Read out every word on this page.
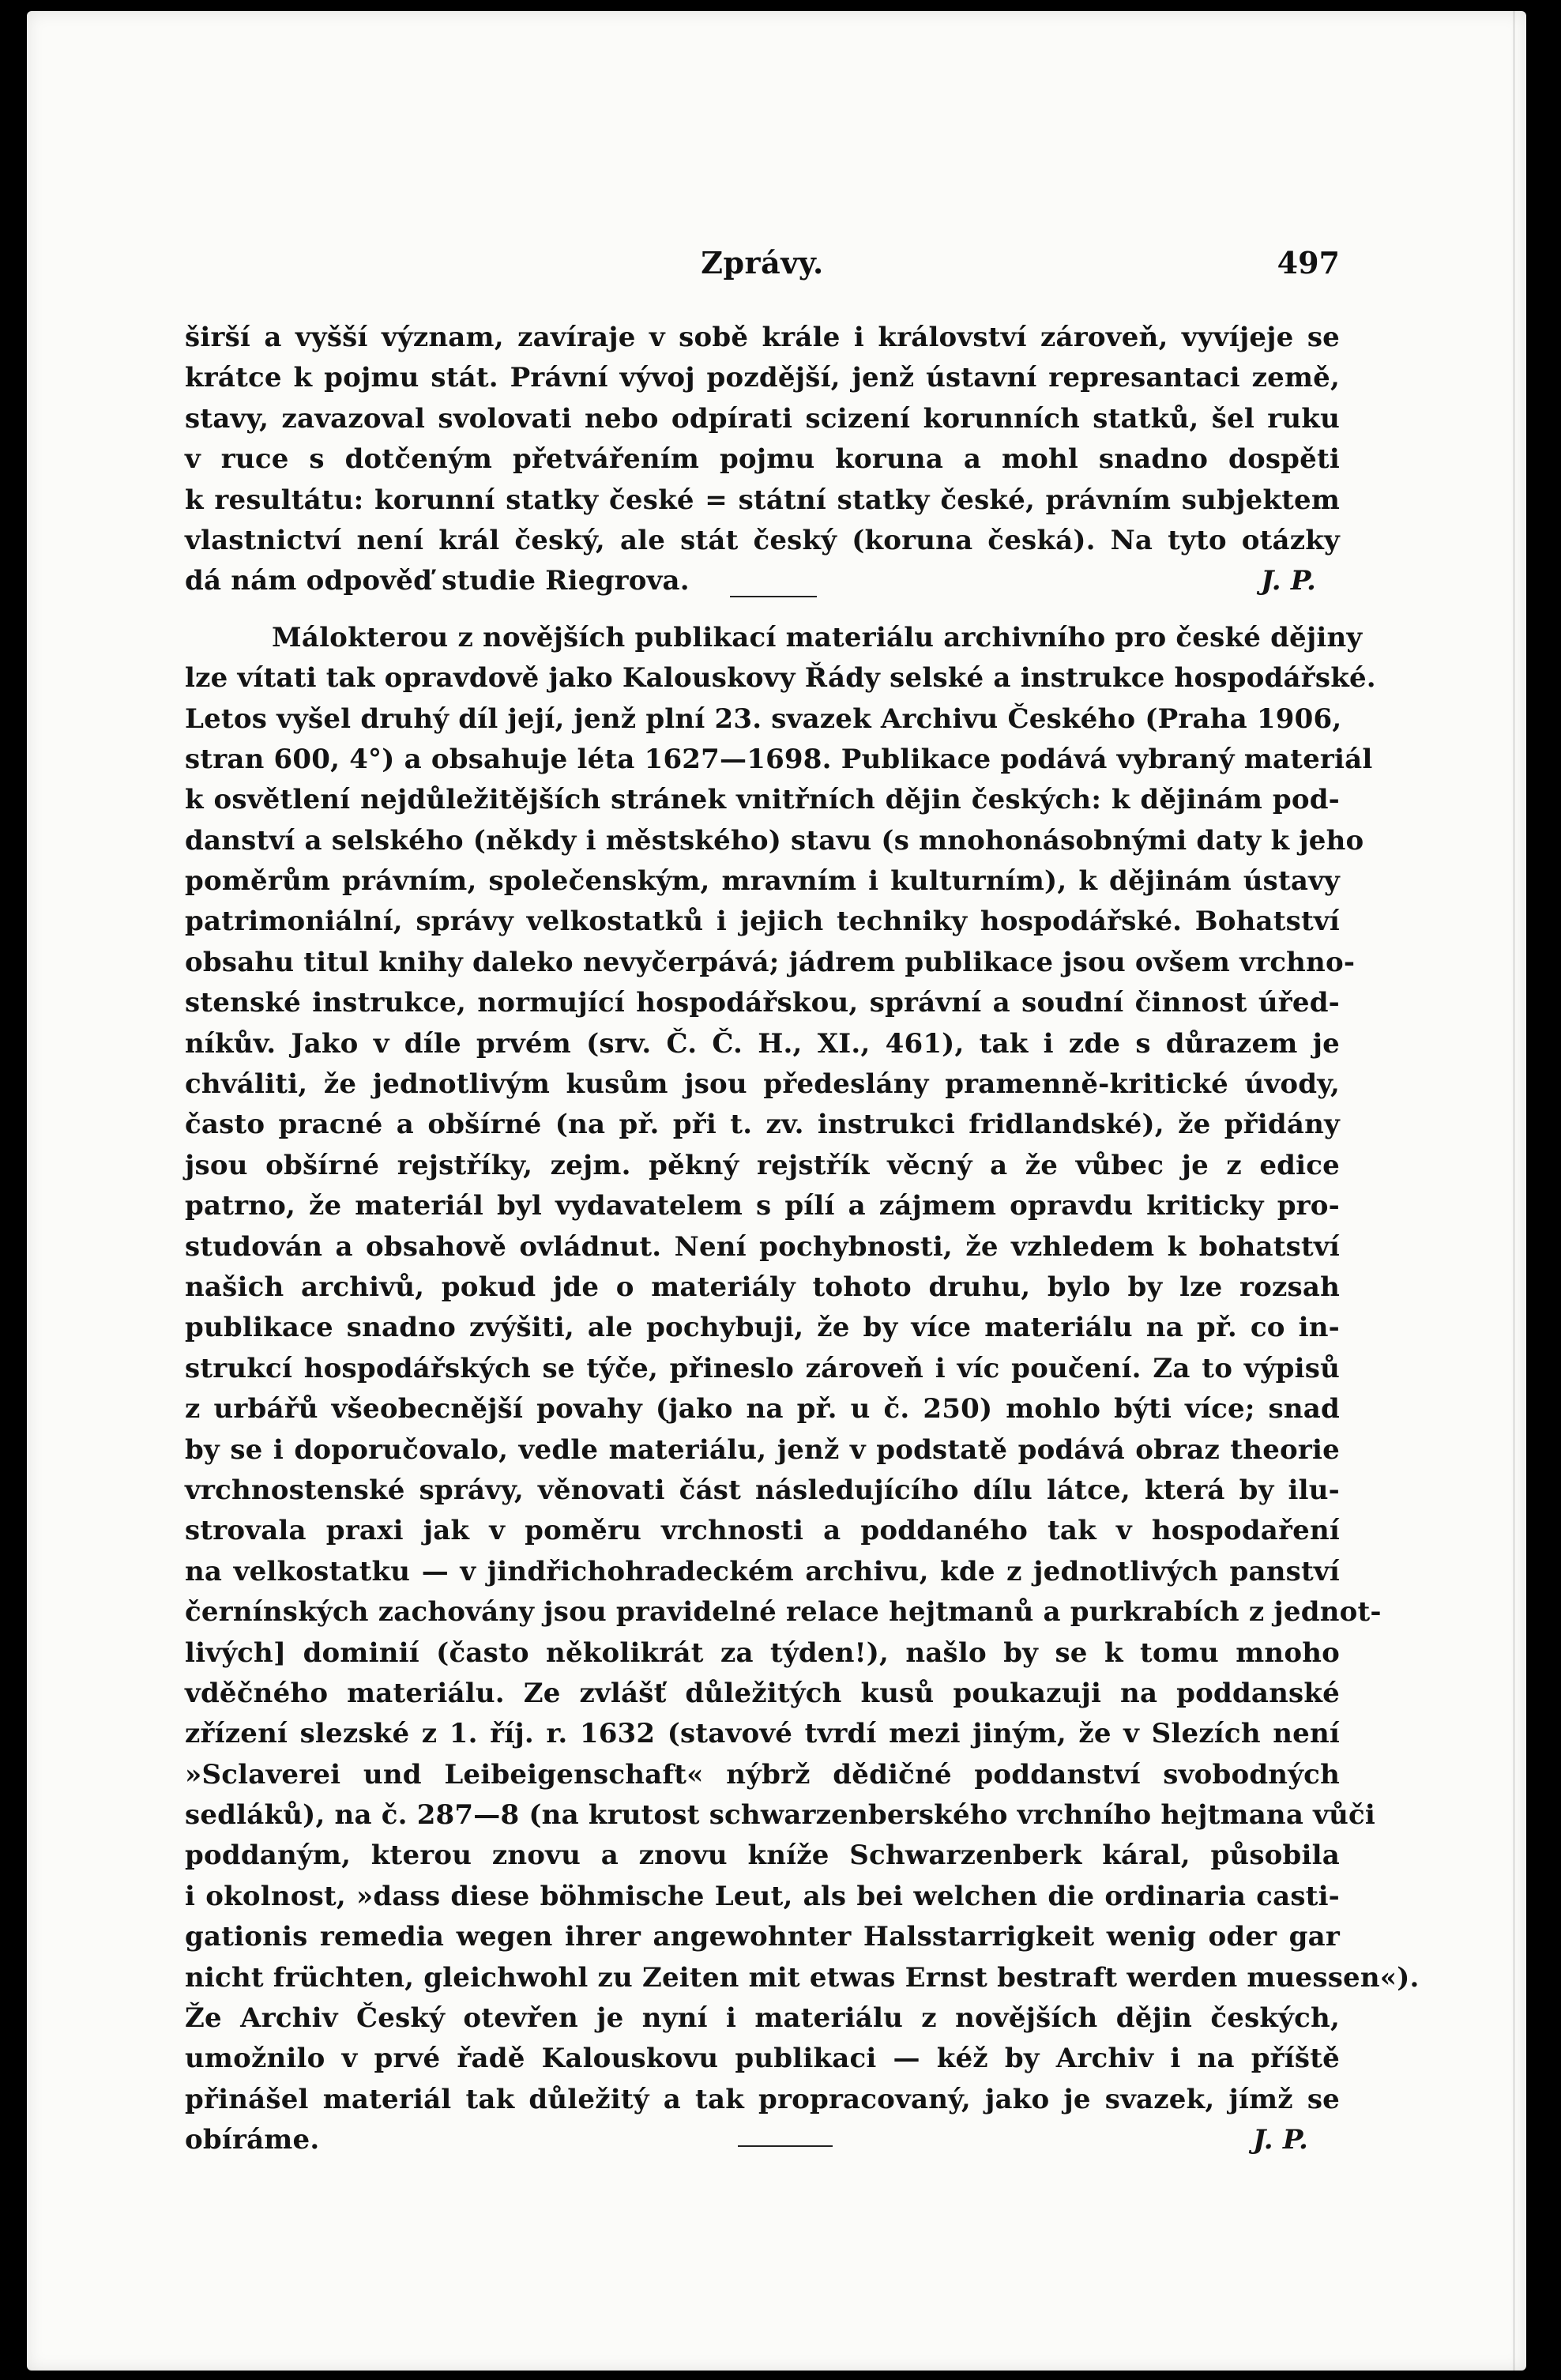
Zprávy.	497
širší a vyšší význam, zavíraje v sobě krále i království zároveň, vyvíjeje se
krátce k pojmu stát. Právní vývoj pozdější, jenž ústavní represantaci země,
stavy, zavazoval svolovati nebo odpírati scizení korunních statků, šel ruku
v ruce s dotčeným přetvářením pojmu koruna a mohl snadno dospěti
k resultátu: korunní statky české = státní statky české, právním subjektem
vlastnictví není král český, ale stát český (koruna česká). Na tyto otázky
dá nám odpověď studie Riegrova.	J. P.
Málokterou z novějších publikací materiálu archivního pro české dějiny
lze vítati tak opravdově jako Kalouskovy Řády selské a instrukce hospodářské.
Letos vyšel druhý díl její, jenž plní 23. svazek Archivu Českého (Praha 1906,
stran 600, 4°) a obsahuje léta 1627—1698. Publikace podává vybraný materiál
k osvětlení nejdůležitějších stránek vnitřních dějin českých: k dějinám pod-
danství a selského (někdy i městského) stavu (s mnohonásobnými daty k jeho
poměrům právním, společenským, mravním i kulturním), k dějinám ústavy
patrimoniální, správy velkostatků i jejich techniky hospodářské. Bohatství
obsahu titul knihy daleko nevyčerpává; jádrem publikace jsou ovšem vrchno-
stenské instrukce, normující hospodářskou, správní a soudní činnost úřed-
níkův. Jako v díle prvém (srv. Č. Č. H., XI., 461), tak i zde s důrazem je
chváliti, že jednotlivým kusům jsou předeslány pramenně-kritické úvody,
často pracné a obšírné (na př. při t. zv. instrukci fridlandské), že přidány
jsou obšírné rejstříky, zejm. pěkný rejstřík věcný a že vůbec je z edice
patrno, že materiál byl vydavatelem s pílí a zájmem opravdu kriticky pro-
studován a obsahově ovládnut. Není pochybnosti, že vzhledem k bohatství
našich archivů, pokud jde o materiály tohoto druhu, bylo by lze rozsah
publikace snadno zvýšiti, ale pochybuji, že by více materiálu na př. co in-
strukcí hospodářských se týče, přineslo zároveň i víc poučení. Za to výpisů
z urbářů všeobecnější povahy (jako na př. u č. 250) mohlo býti více; snad
by se i doporučovalo, vedle materiálu, jenž v podstatě podává obraz theorie
vrchnostenské správy, věnovati část následujícího dílu látce, která by ilu-
strovala praxi jak v poměru vrchnosti a poddaného tak v hospodaření
na velkostatku — v jindřichohradeckém archivu, kde z jednotlivých panství
černínských zachovány jsou pravidelné relace hejtmanů a purkrabích z jednot-
livých] dominií (často několikrát za týden!), našlo by se k tomu mnoho
vděčného materiálu. Ze zvlášť důležitých kusů poukazuji na poddanské
zřízení slezské z 1. říj. r. 1632 (stavové tvrdí mezi jiným, že v Slezích není
»Sclaverei und Leibeigenschaft« nýbrž dědičné poddanství svobodných
sedláků), na č. 287—8 (na krutost schwarzenberského vrchního hejtmana vůči
poddaným, kterou znovu a znovu kníže Schwarzenberk káral, působila
i okolnost, »dass diese böhmische Leut, als bei welchen die ordinaria casti-
gationis remedia wegen ihrer angewohnter Halsstarrigkeit wenig oder gar
nicht früchten, gleichwohl zu Zeiten mit etwas Ernst bestraft werden muessen«).
Že Archiv Český otevřen je nyní i materiálu z novějších dějin českých,
umožnilo v prvé řadě Kalouskovu publikaci — kéž by Archiv i na příště
přinášel materiál tak důležitý a tak propracovaný, jako je svazek, jímž se
obíráme.	J. P.
